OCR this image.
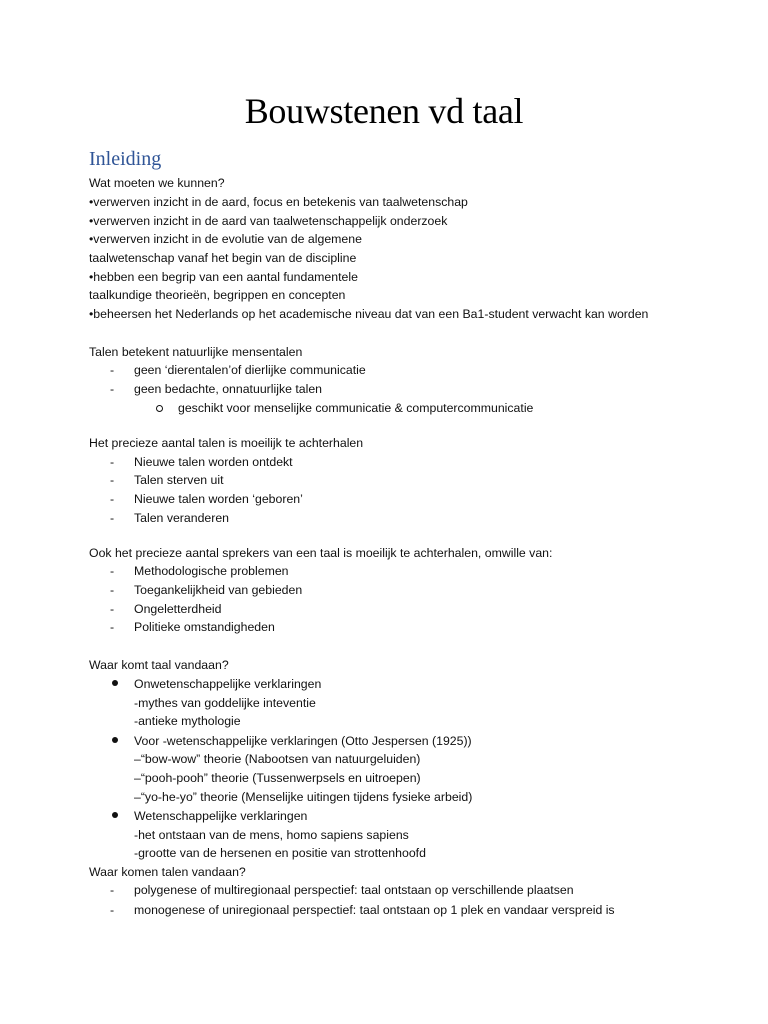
Bouwstenen vd taal
Inleiding
Wat moeten we kunnen?
•verwerven inzicht in de aard, focus en betekenis van taalwetenschap
•verwerven inzicht in de aard van taalwetenschappelijk onderzoek
•verwerven inzicht in de evolutie van de algemene
taalwetenschap vanaf het begin van de discipline
•hebben een begrip van een aantal fundamentele
taalkundige theorieën, begrippen en concepten
•beheersen het Nederlands op het academische niveau dat van een Ba1-student verwacht kan worden
Talen betekent natuurlijke mensentalen
- geen ‘dierentalen’of dierlijke communicatie
- geen bedachte, onnatuurlijke talen
geschikt voor menselijke communicatie & computercommunicatie
Het precieze aantal talen is moeilijk te achterhalen
- Nieuwe talen worden ontdekt
- Talen sterven uit
- Nieuwe talen worden ‘geboren’
- Talen veranderen
Ook het precieze aantal sprekers van een taal is moeilijk te achterhalen, omwille van:
- Methodologische problemen
- Toegankelijkheid van gebieden
- Ongeletterdheid
- Politieke omstandigheden
Waar komt taal vandaan?
Onwetenschappelijke verklaringen
-mythes van goddelijke inteventie
-antieke mythologie
Voor -wetenschappelijke verklaringen (Otto Jespersen (1925))
–“bow-wow” theorie (Nabootsen van natuurgeluiden)
–“pooh-pooh” theorie (Tussenwerpsels en uitroepen)
–“yo-he-yo” theorie (Menselijke uitingen tijdens fysieke arbeid)
Wetenschappelijke verklaringen
-het ontstaan van de mens, homo sapiens sapiens
-grootte van de hersenen en positie van strottenhoofd
Waar komen talen vandaan?
- polygenese of multiregionaal perspectief: taal ontstaan op verschillende plaatsen
- monogenese of uniregionaal perspectief: taal ontstaan op 1 plek en vandaar verspreid is
